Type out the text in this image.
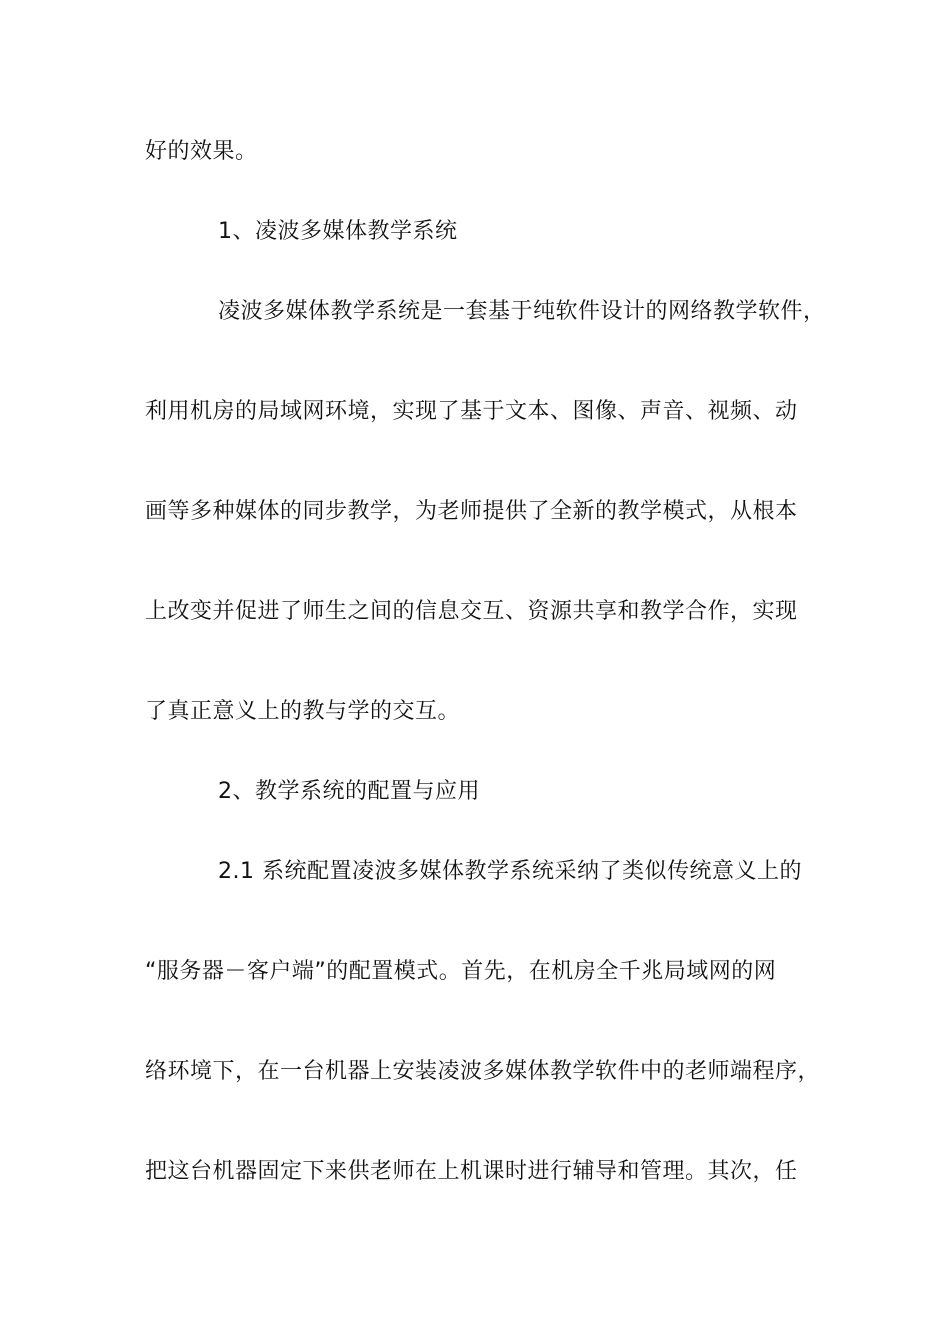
好的效果。
1、凌波多媒体教学系统
凌波多媒体教学系统是一套基于纯软件设计的网络教学软件，
利用机房的局域网环境，实现了基于文本、图像、声音、视频、动
画等多种媒体的同步教学，为老师提供了全新的教学模式，从根本
上改变并促进了师生之间的信息交互、资源共享和教学合作，实现
了真正意义上的教与学的交互。
2、教学系统的配置与应用
2.1 系统配置凌波多媒体教学系统采纳了类似传统意义上的
“服务器－客户端”的配置模式。首先，在机房全千兆局域网的网
络环境下，在一台机器上安装凌波多媒体教学软件中的老师端程序，
把这台机器固定下来供老师在上机课时进行辅导和管理。其次，任
